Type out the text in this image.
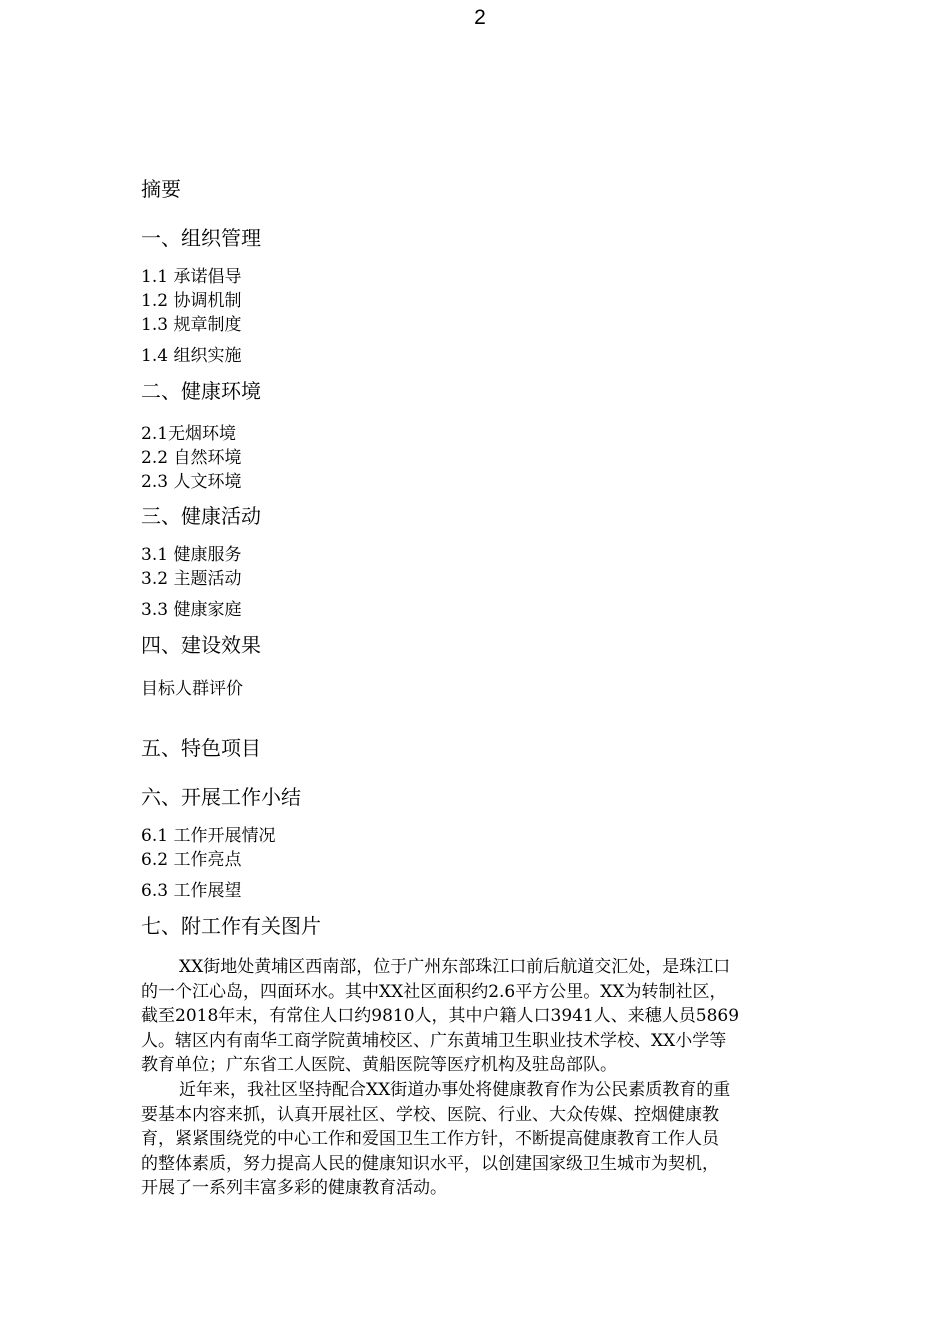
2
摘要
一、组织管理
1.1 承诺倡导
1.2 协调机制
1.3 规章制度
1.4 组织实施
二、健康环境
2.1无烟环境
2.2 自然环境
2.3 人文环境
三、健康活动
3.1 健康服务
3.2 主题活动
3.3 健康家庭
四、建设效果
目标人群评价
五、特色项目
六、开展工作小结
6.1 工作开展情况
6.2 工作亮点
6.3 工作展望
七、附工作有关图片
XX街地处黄埔区西南部，位于广州东部珠江口前后航道交汇处，是珠江口
的一个江心岛，四面环水。其中XX社区面积约2.6平方公里。XX为转制社区，
截至2018年末，有常住人口约9810人，其中户籍人口3941人、来穗人员5869
人。辖区内有南华工商学院黄埔校区、广东黄埔卫生职业技术学校、XX小学等
教育单位；广东省工人医院、黄船医院等医疗机构及驻岛部队。
近年来，我社区坚持配合XX街道办事处将健康教育作为公民素质教育的重
要基本内容来抓，认真开展社区、学校、医院、行业、大众传媒、控烟健康教
育，紧紧围绕党的中心工作和爱国卫生工作方针，不断提高健康教育工作人员
的整体素质，努力提高人民的健康知识水平，以创建国家级卫生城市为契机，
开展了一系列丰富多彩的健康教育活动。
